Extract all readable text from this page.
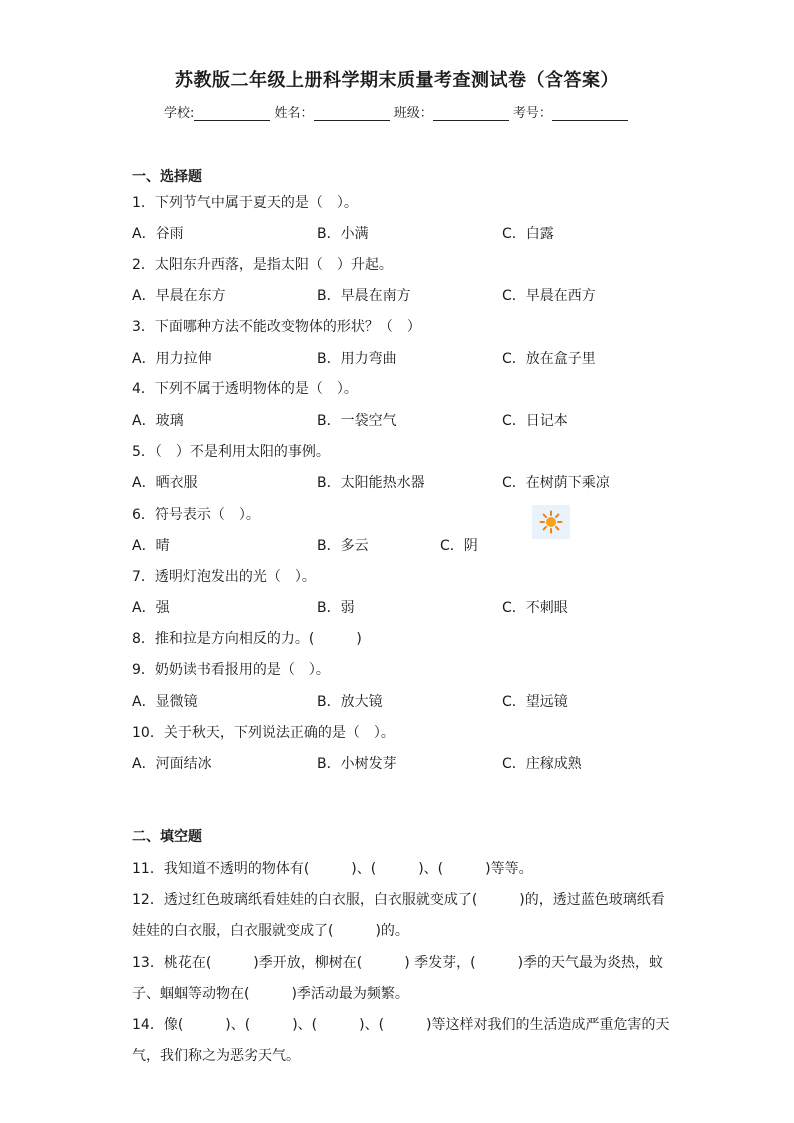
苏教版二年级上册科学期末质量考查测试卷（含答案）
学校:	姓名：	班级：	考号：
一、选择题
1．下列节气中属于夏天的是（　）。
A．谷雨	B．小满	C．白露
2．太阳东升西落，是指太阳（　）升起。
A．早晨在东方	B．早晨在南方	C．早晨在西方
3．下面哪种方法不能改变物体的形状？（　）
A．用力拉伸	B．用力弯曲	C．放在盒子里
4．下列不属于透明物体的是（　）。
A．玻璃	B．一袋空气	C．日记本
5．（　）不是利用太阳的事例。
A．晒衣服	B．太阳能热水器	C．在树荫下乘凉
6．符号表示（　）。
A．晴	B．多云	C．阴
7．透明灯泡发出的光（　）。
A．强	B．弱	C．不刺眼
8．推和拉是方向相反的力。(　　　)
9．奶奶读书看报用的是（　）。
A．显微镜	B．放大镜	C．望远镜
10．关于秋天，下列说法正确的是（　）。
A．河面结冰	B．小树发芽	C．庄稼成熟
二、填空题
11．我知道不透明的物体有(　　　)、(　　　)、(　　　)等等。
12．透过红色玻璃纸看娃娃的白衣服，白衣服就变成了(　　　)的，透过蓝色玻璃纸看
娃娃的白衣服，白衣服就变成了(　　　)的。
13．桃花在(　　　)季开放，柳树在(　　　) 季发芽，(　　　)季的天气最为炎热，蚊
子、蝈蝈等动物在(　　　)季活动最为频繁。
14．像(　　　)、(　　　)、(　　　)、(　　　)等这样对我们的生活造成严重危害的天
气，我们称之为恶劣天气。
